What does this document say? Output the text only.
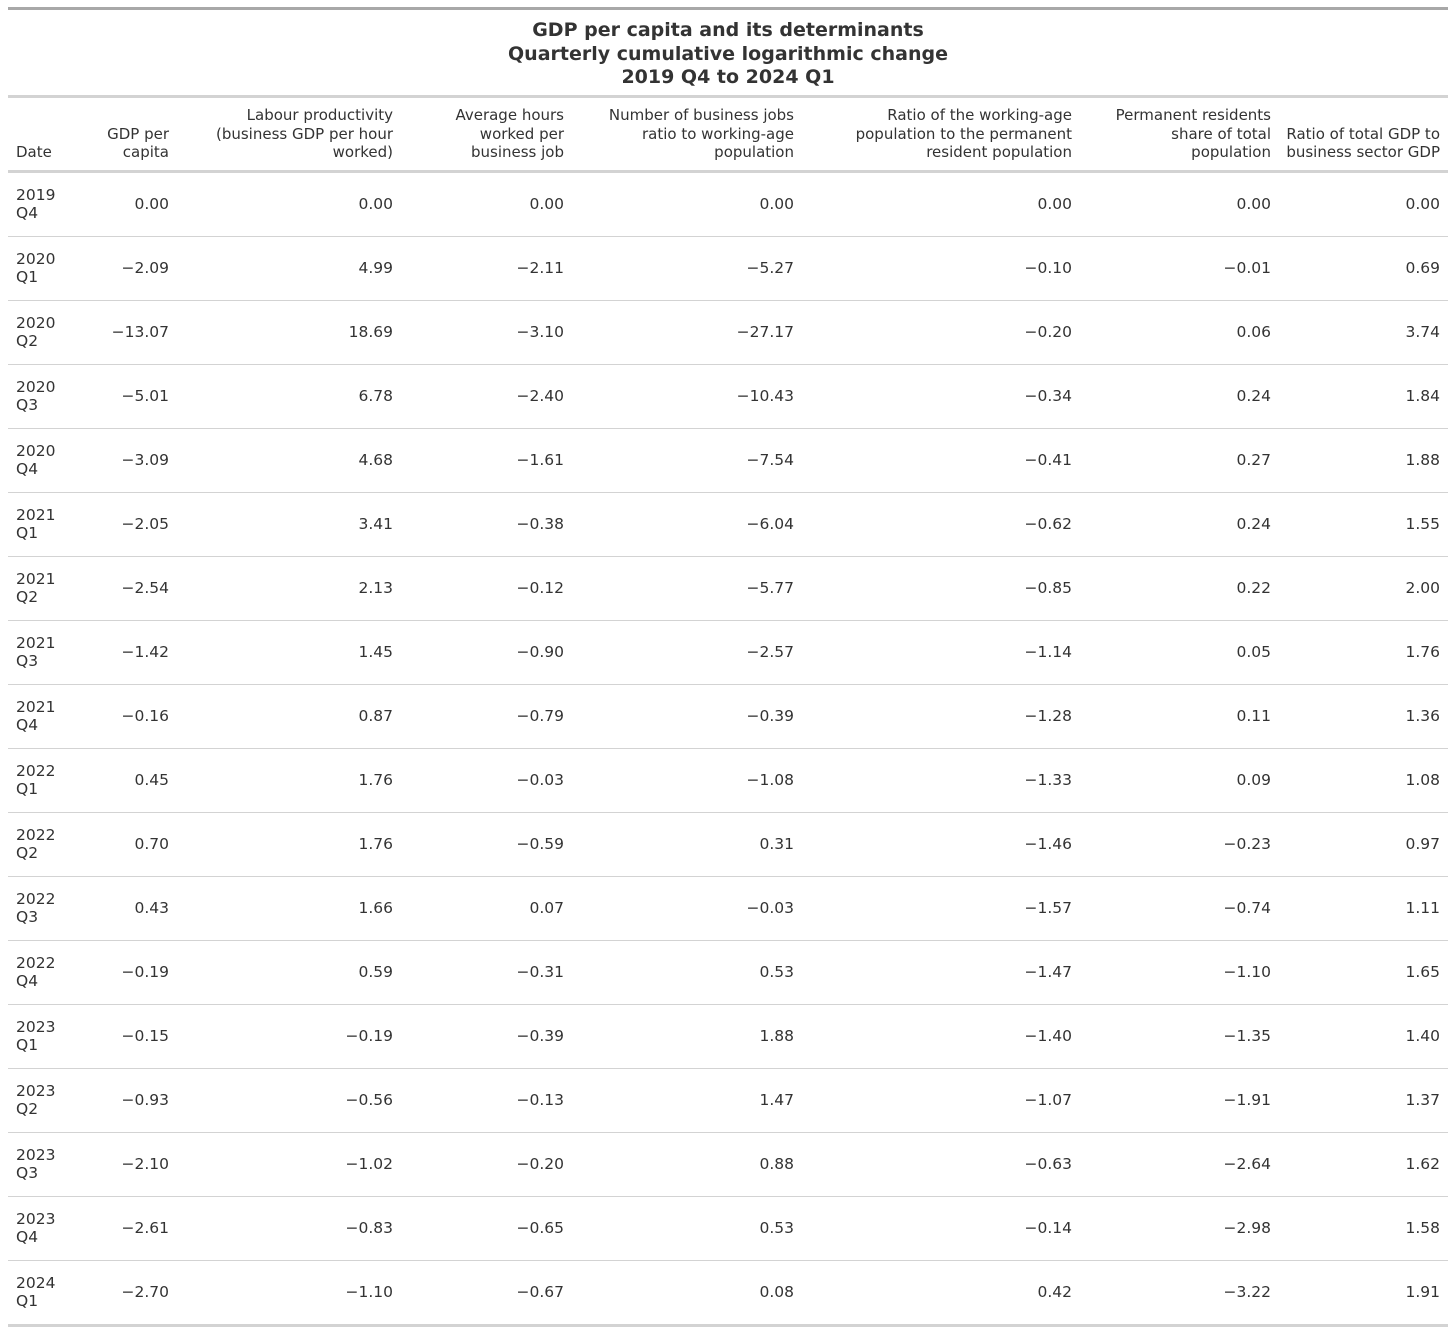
GDP per capita and its determinants
Quarterly cumulative logarithmic change
2019 Q4 to 2024 Q1
Date	GDP per capita	Labour productivity (business GDP per hour worked)	Average hours worked per business job	Number of business jobs ratio to working-age population	Ratio of the working-age population to the permanent resident population	Permanent residents share of total population	Ratio of total GDP to business sector GDP

2019
Q4	0.00	0.00	0.00	0.00	0.00	0.00	0.00

2020
Q1	−2.09	4.99	−2.11	−5.27	−0.10	−0.01	0.69

2020
Q2	−13.07	18.69	−3.10	−27.17	−0.20	0.06	3.74

2020
Q3	−5.01	6.78	−2.40	−10.43	−0.34	0.24	1.84

2020
Q4	−3.09	4.68	−1.61	−7.54	−0.41	0.27	1.88

2021
Q1	−2.05	3.41	−0.38	−6.04	−0.62	0.24	1.55

2021
Q2	−2.54	2.13	−0.12	−5.77	−0.85	0.22	2.00

2021
Q3	−1.42	1.45	−0.90	−2.57	−1.14	0.05	1.76

2021
Q4	−0.16	0.87	−0.79	−0.39	−1.28	0.11	1.36

2022
Q1	0.45	1.76	−0.03	−1.08	−1.33	0.09	1.08

2022
Q2	0.70	1.76	−0.59	0.31	−1.46	−0.23	0.97

2022
Q3	0.43	1.66	0.07	−0.03	−1.57	−0.74	1.11

2022
Q4	−0.19	0.59	−0.31	0.53	−1.47	−1.10	1.65

2023
Q1	−0.15	−0.19	−0.39	1.88	−1.40	−1.35	1.40

2023
Q2	−0.93	−0.56	−0.13	1.47	−1.07	−1.91	1.37

2023
Q3	−2.10	−1.02	−0.20	0.88	−0.63	−2.64	1.62

2023
Q4	−2.61	−0.83	−0.65	0.53	−0.14	−2.98	1.58

2024
Q1	−2.70	−1.10	−0.67	0.08	0.42	−3.22	1.91
